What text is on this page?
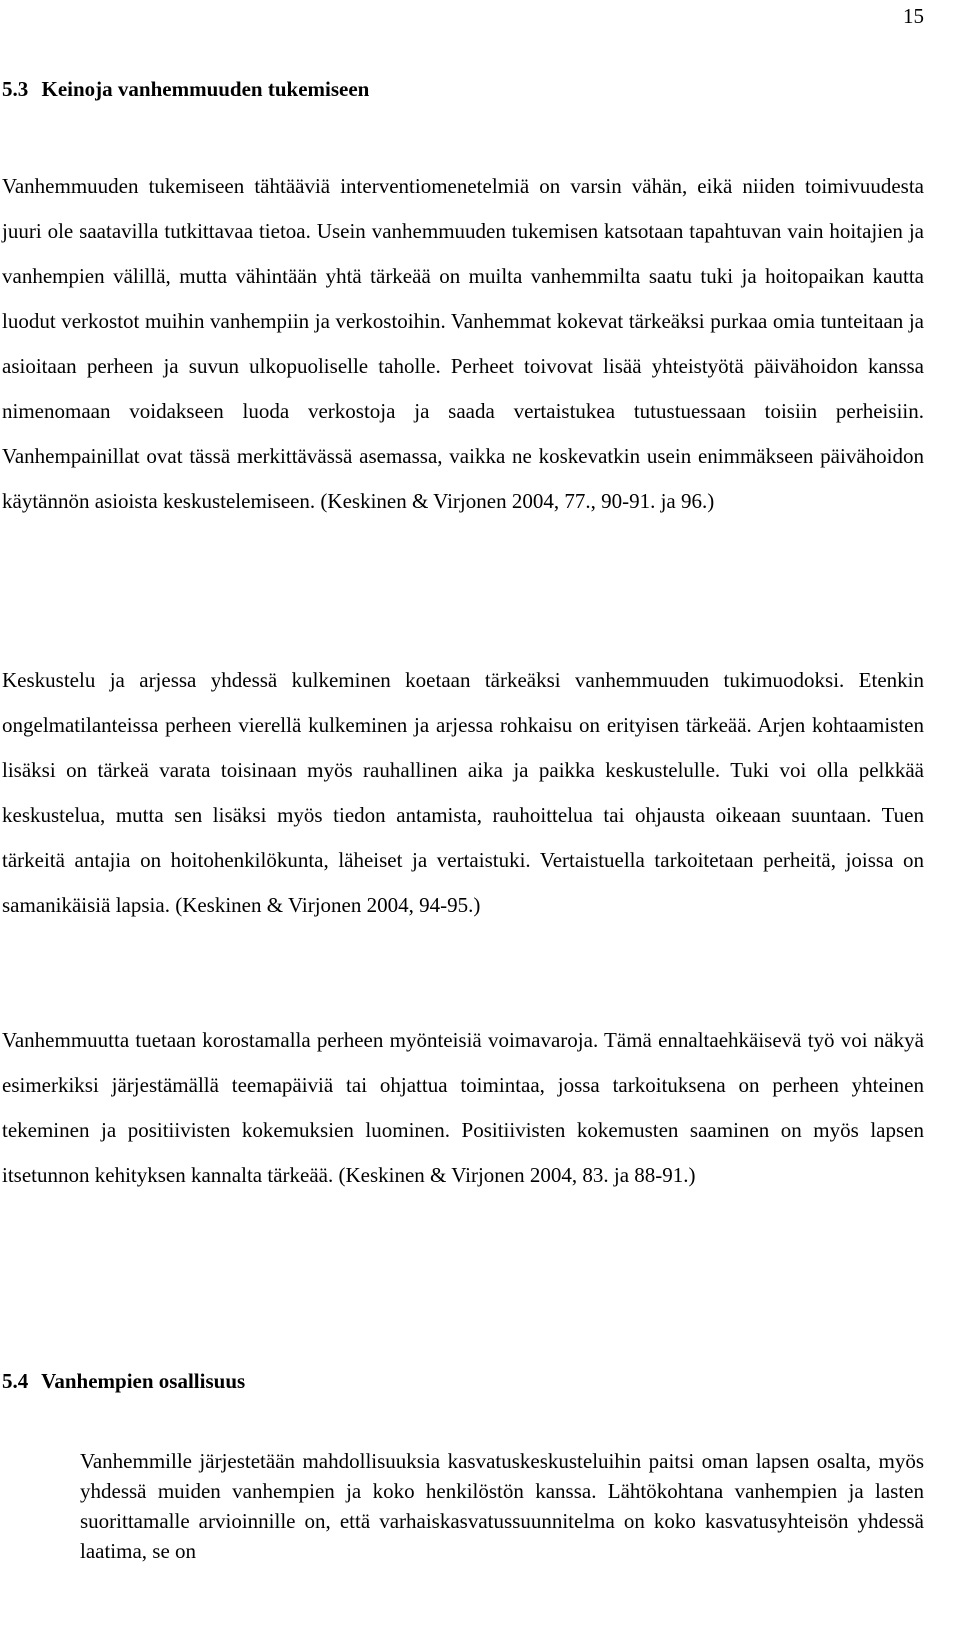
15
5.3 Keinoja vanhemmuuden tukemiseen

Vanhemmuuden tukemiseen tähtääviä interventiomenetelmiä on varsin vähän, eikä niiden toimivuudesta juuri ole saatavilla tutkittavaa tietoa. Usein vanhemmuuden tukemisen katsotaan tapahtuvan vain hoitajien ja vanhempien välillä, mutta vähintään yhtä tärkeää on muilta vanhemmilta saatu tuki ja hoitopaikan kautta luodut verkostot muihin vanhempiin ja verkostoihin. Vanhemmat kokevat tärkeäksi purkaa omia tunteitaan ja asioitaan perheen ja suvun ulkopuoliselle taholle. Perheet toivovat lisää yhteistyötä päivähoidon kanssa nimenomaan voidakseen luoda verkostoja ja saada vertaistukea tutustuessaan toisiin perheisiin. Vanhempainillat ovat tässä merkittävässä asemassa, vaikka ne koskevatkin usein enimmäkseen päivähoidon käytännön asioista keskustelemiseen. (Keskinen & Virjonen 2004, 77., 90-91. ja 96.)

Keskustelu ja arjessa yhdessä kulkeminen koetaan tärkeäksi vanhemmuuden tukimuodoksi. Etenkin ongelmatilanteissa perheen vierellä kulkeminen ja arjessa rohkaisu on erityisen tärkeää. Arjen kohtaamisten lisäksi on tärkeä varata toisinaan myös rauhallinen aika ja paikka keskustelulle. Tuki voi olla pelkkää keskustelua, mutta sen lisäksi myös tiedon antamista, rauhoittelua tai ohjausta oikeaan suuntaan. Tuen tärkeitä antajia on hoitohenkilökunta, läheiset ja vertaistuki. Vertaistuella tarkoitetaan perheitä, joissa on samanikäisiä lapsia. (Keskinen & Virjonen 2004, 94-95.)

Vanhemmuutta tuetaan korostamalla perheen myönteisiä voimavaroja. Tämä ennaltaehkäisevä työ voi näkyä esimerkiksi järjestämällä teemapäiviä tai ohjattua toimintaa, jossa tarkoituksena on perheen yhteinen tekeminen ja positiivisten kokemuksien luominen. Positiivisten kokemusten saaminen on myös lapsen itsetunnon kehityksen kannalta tärkeää. (Keskinen & Virjonen 2004, 83. ja 88-91.)

5.4 Vanhempien osallisuus

Vanhemmille järjestetään mahdollisuuksia kasvatuskeskusteluihin paitsi oman lapsen osalta, myös yhdessä muiden vanhempien ja koko henkilöstön kanssa. Lähtökohtana vanhempien ja lasten suorittamalle arvioinnille on, että varhaiskasvatussuunnitelma on koko kasvatusyhteisön yhdessä laatima, se on
